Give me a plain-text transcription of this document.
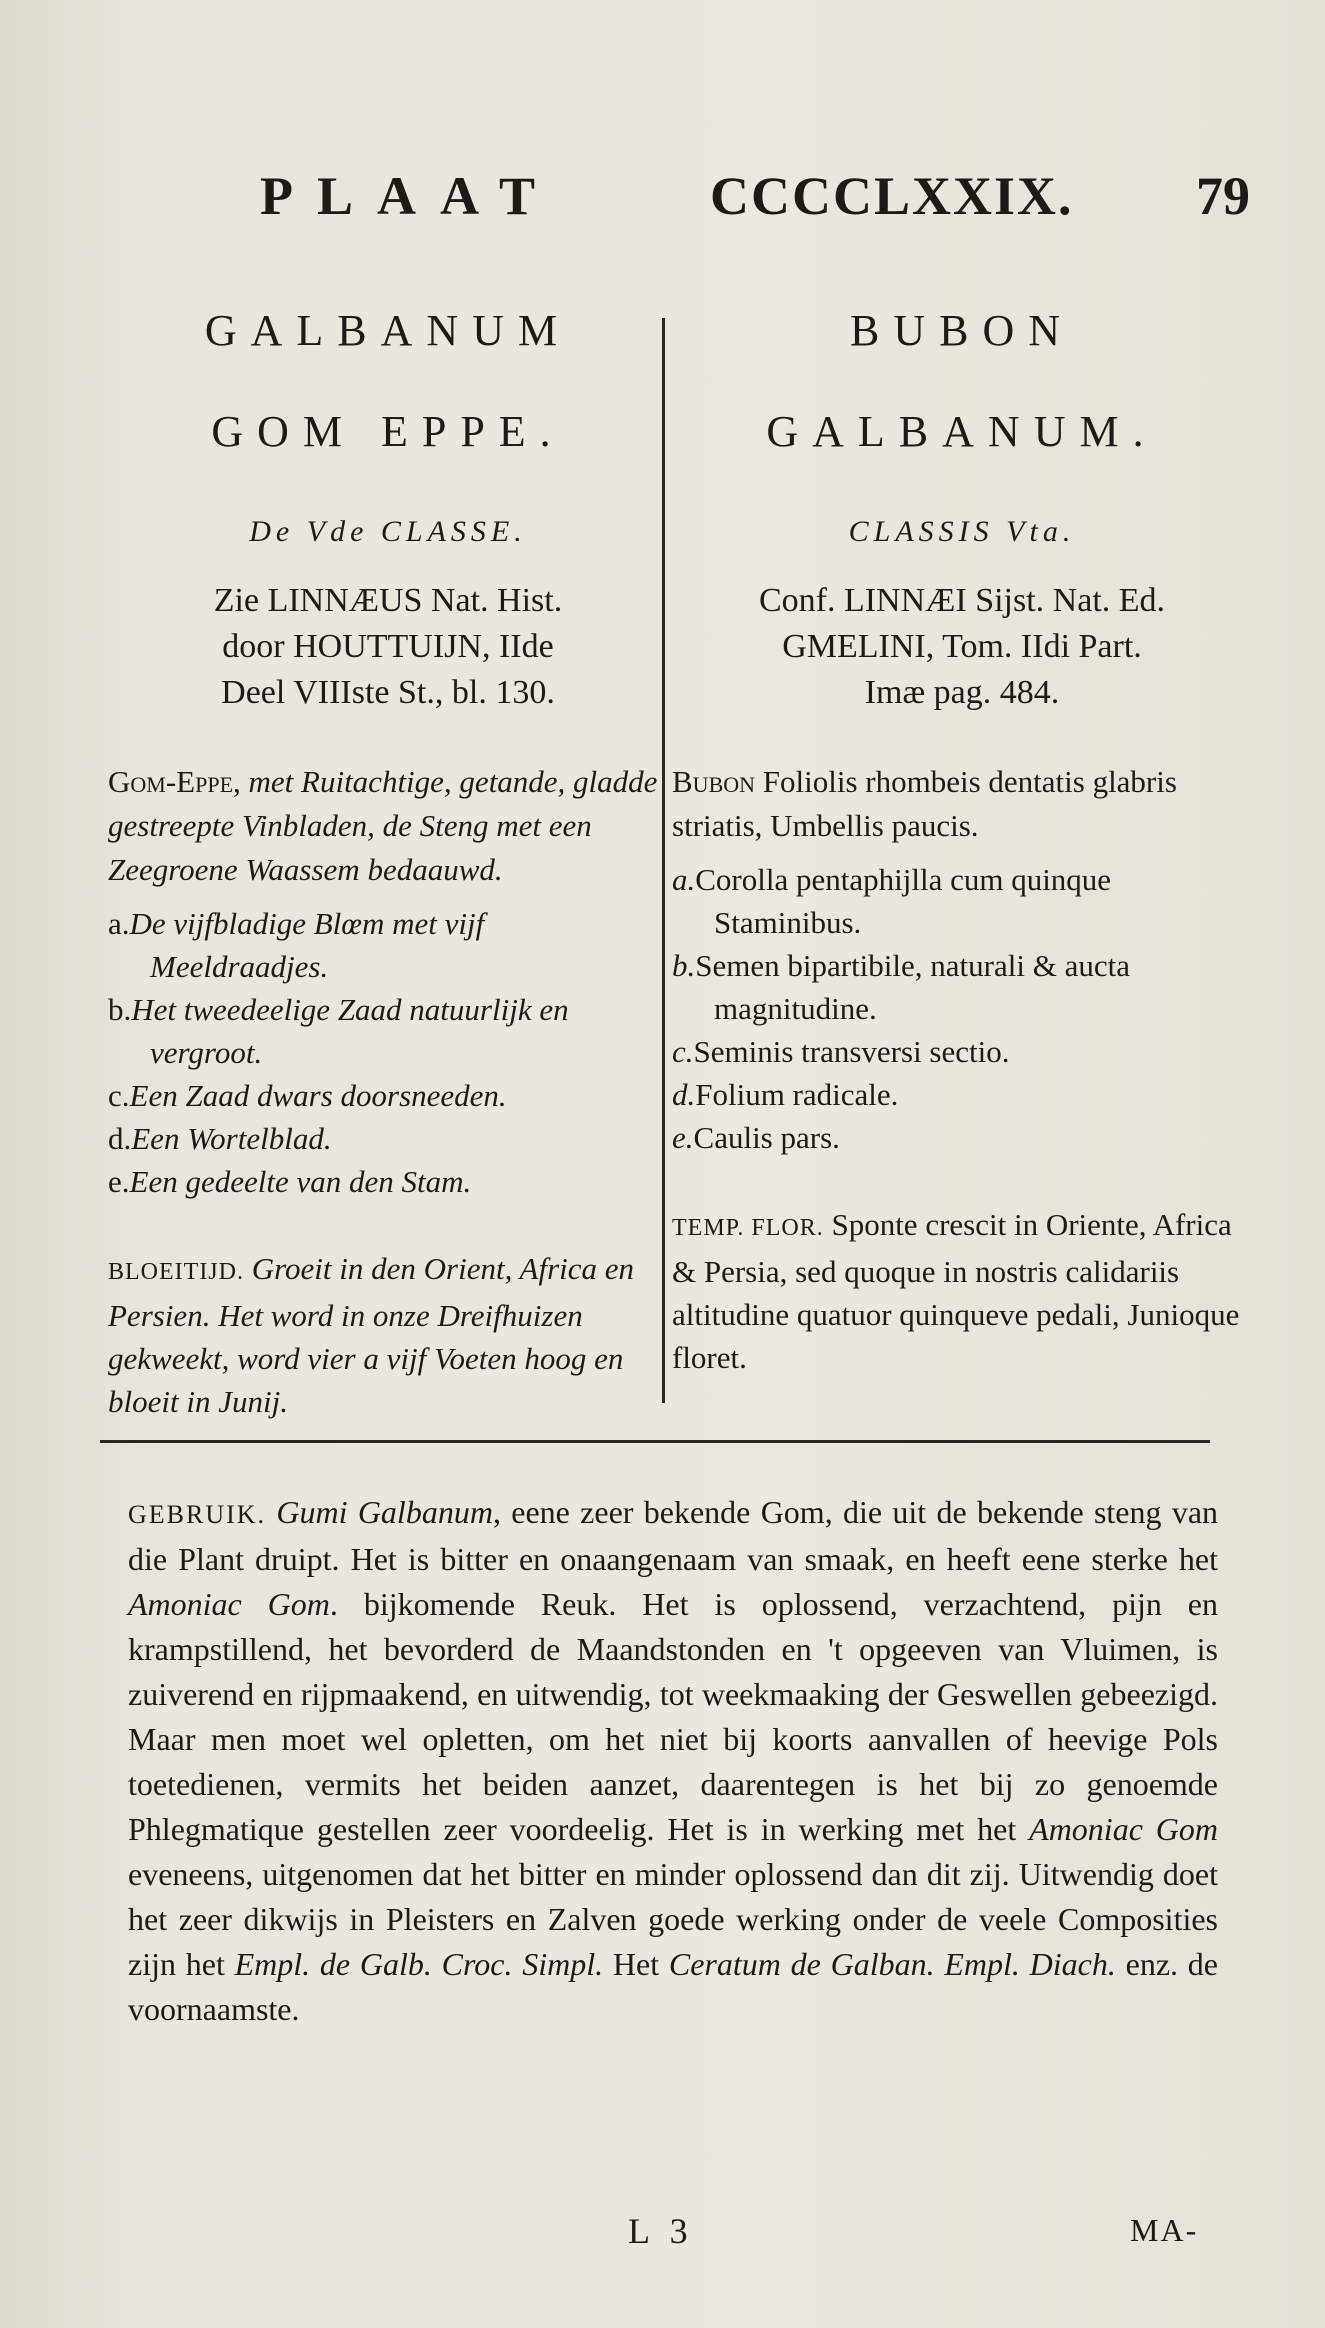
PLAAT	CCCCLXXIX. 79
GALBANUM
GOM EPPE.
De Vde CLASSE.
Zie LINNÆUS Nat. Hist.
door HOUTTUIJN, IIde
Deel VIIIste St., bl. 130.
Gom-Eppe, met Ruitachtige, getande, gladde gestreepte Vinbladen, de Steng met een Zeegroene Waassem bedaauwd.
a.De vijfbladige Blœm met vijf Meeldraadjes.
b.Het tweedeelige Zaad natuurlijk en vergroot.
c.Een Zaad dwars doorsneeden.
d.Een Wortelblad.
e.Een gedeelte van den Stam.
BLOEITIJD. Groeit in den Orient, Africa en Persien. Het word in onze Dreifhuizen gekweekt, word vier a vijf Voeten hoog en bloeit in Junij.
BUBON
GALBANUM.
CLASSIS Vta.
Conf. LINNÆI Sijst. Nat. Ed.
GMELINI, Tom. IIdi Part.
Imæ pag. 484.
Bubon Foliolis rhombeis dentatis glabris striatis, Umbellis paucis.
a.Corolla pentaphijlla cum quinque Staminibus.
b.Semen bipartibile, naturali & aucta magnitudine.
c.Seminis transversi sectio.
d.Folium radicale.
e.Caulis pars.
TEMP. FLOR. Sponte crescit in Oriente, Africa & Persia, sed quoque in nostris calidariis altitudine quatuor quinqueve pedali, Junioque floret.
GEBRUIK. Gumi Galbanum, eene zeer bekende Gom, die uit de bekende steng van die Plant druipt. Het is bitter en onaangenaam van smaak, en heeft eene sterke het Amoniac Gom. bijkomende Reuk. Het is oplossend, verzachtend, pijn en krampstillend, het bevorderd de Maandstonden en 't opgeeven van Vluimen, is zuiverend en rijpmaakend, en uitwendig, tot weekmaaking der Geswellen gebeezigd. Maar men moet wel opletten, om het niet bij koorts aanvallen of heevige Pols toetedienen, vermits het beiden aanzet, daarentegen is het bij zo genoemde Phlegmatique gestellen zeer voordeelig. Het is in werking met het Amoniac Gom eveneens, uitgenomen dat het bitter en minder oplossend dan dit zij. Uitwendig doet het zeer dikwijs in Pleisters en Zalven goede werking onder de veele Composities zijn het Empl. de Galb. Croc. Simpl. Het Ceratum de Galban. Empl. Diach. enz. de voornaamste.
L 3	MA-
